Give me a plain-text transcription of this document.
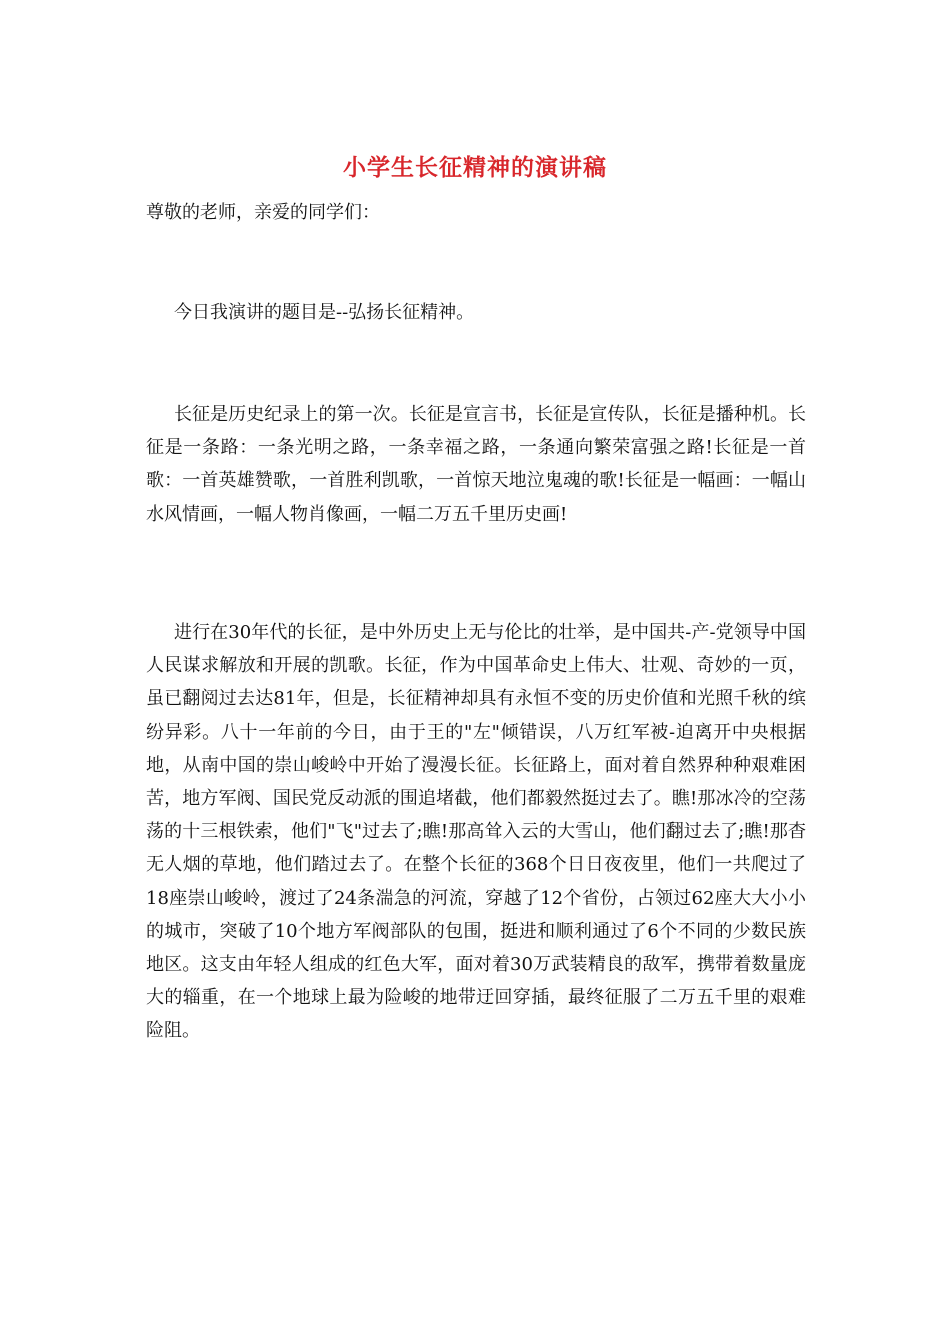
小学生长征精神的演讲稿
尊敬的老师，亲爱的同学们：

今日我演讲的题目是--弘扬长征精神。

长征是历史纪录上的第一次。长征是宣言书，长征是宣传队，长征是播种机。长征是一条路：一条光明之路，一条幸福之路，一条通向繁荣富强之路!长征是一首歌：一首英雄赞歌，一首胜利凯歌，一首惊天地泣鬼魂的歌!长征是一幅画：一幅山水风情画，一幅人物肖像画，一幅二万五千里历史画!

进行在30年代的长征，是中外历史上无与伦比的壮举，是中国共-产-党领导中国人民谋求解放和开展的凯歌。长征，作为中国革命史上伟大、壮观、奇妙的一页，虽已翻阅过去达81年，但是，长征精神却具有永恒不变的历史价值和光照千秋的缤纷异彩。八十一年前的今日，由于王的"左"倾错误，八万红军被-迫离开中央根据地，从南中国的崇山峻岭中开始了漫漫长征。长征路上，面对着自然界种种艰难困苦，地方军阀、国民党反动派的围追堵截，他们都毅然挺过去了。瞧!那冰冷的空荡荡的十三根铁索，他们"飞"过去了;瞧!那高耸入云的大雪山，他们翻过去了;瞧!那杳无人烟的草地，他们踏过去了。在整个长征的368个日日夜夜里，他们一共爬过了18座崇山峻岭，渡过了24条湍急的河流，穿越了12个省份，占领过62座大大小小的城市，突破了10个地方军阀部队的包围，挺进和顺利通过了6个不同的少数民族地区。这支由年轻人组成的红色大军，面对着30万武装精良的敌军，携带着数量庞大的辎重，在一个地球上最为险峻的地带迂回穿插，最终征服了二万五千里的艰难险阻。
